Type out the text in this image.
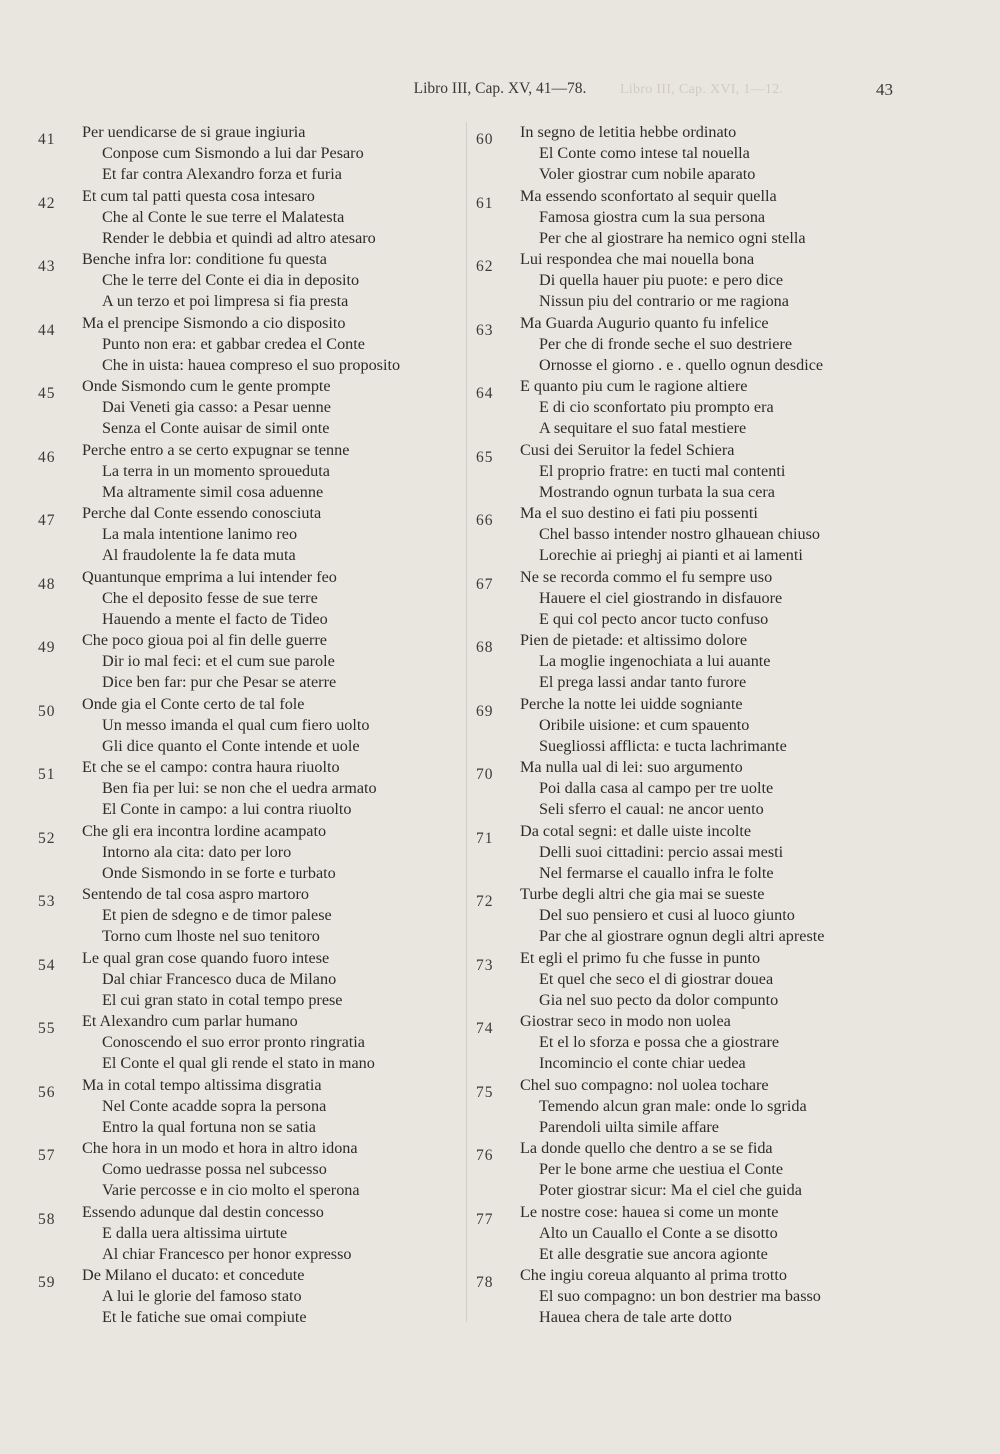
Libro III, Cap. XVI, 1—12.
Libro III, Cap. XV, 41—78.	43
41 Per uendicarse de si graue ingiuria
Conpose cum Sismondo a lui dar Pesaro
Et far contra Alexandro forza et furia
42 Et cum tal patti questa cosa intesaro
Che al Conte le sue terre el Malatesta
Render le debbia et quindi ad altro atesaro
43 Benche infra lor: conditione fu questa
Che le terre del Conte ei dia in deposito
A un terzo et poi limpresa si fia presta
44 Ma el prencipe Sismondo a cio disposito
Punto non era: et gabbar credea el Conte
Che in uista: hauea compreso el suo proposito
45 Onde Sismondo cum le gente prompte
Dai Veneti gia casso: a Pesar uenne
Senza el Conte auisar de simil onte
46 Perche entro a se certo expugnar se tenne
La terra in un momento sproueduta
Ma altramente simil cosa aduenne
47 Perche dal Conte essendo conosciuta
La mala intentione lanimo reo
Al fraudolente la fe data muta
48 Quantunque emprima a lui intender feo
Che el deposito fesse de sue terre
Hauendo a mente el facto de Tideo
49 Che poco gioua poi al fin delle guerre
Dir io mal feci: et el cum sue parole
Dice ben far: pur che Pesar se aterre
50 Onde gia el Conte certo de tal fole
Un messo imanda el qual cum fiero uolto
Gli dice quanto el Conte intende et uole
51 Et che se el campo: contra haura riuolto
Ben fia per lui: se non che el uedra armato
El Conte in campo: a lui contra riuolto
52 Che gli era incontra lordine acampato
Intorno ala cita: dato per loro
Onde Sismondo in se forte e turbato
53 Sentendo de tal cosa aspro martoro
Et pien de sdegno e de timor palese
Torno cum lhoste nel suo tenitoro
54 Le qual gran cose quando fuoro intese
Dal chiar Francesco duca de Milano
El cui gran stato in cotal tempo prese
55 Et Alexandro cum parlar humano
Conoscendo el suo error pronto ringratia
El Conte el qual gli rende el stato in mano
56 Ma in cotal tempo altissima disgratia
Nel Conte acadde sopra la persona
Entro la qual fortuna non se satia
57 Che hora in un modo et hora in altro idona
Como uedrasse possa nel subcesso
Varie percosse e in cio molto el sperona
58 Essendo adunque dal destin concesso
E dalla uera altissima uirtute
Al chiar Francesco per honor expresso
59 De Milano el ducato: et concedute
A lui le glorie del famoso stato
Et le fatiche sue omai compiute
60 In segno de letitia hebbe ordinato
El Conte como intese tal nouella
Voler giostrar cum nobile aparato
61 Ma essendo sconfortato al sequir quella
Famosa giostra cum la sua persona
Per che al giostrare ha nemico ogni stella
62 Lui respondea che mai nouella bona
Di quella hauer piu puote: e pero dice
Nissun piu del contrario or me ragiona
63 Ma Guarda Augurio quanto fu infelice
Per che di fronde seche el suo destriere
Ornosse el giorno . e . quello ognun desdice
64 E quanto piu cum le ragione altiere
E di cio sconfortato piu prompto era
A sequitare el suo fatal mestiere
65 Cusi dei Seruitor la fedel Schiera
El proprio fratre: en tucti mal contenti
Mostrando ognun turbata la sua cera
66 Ma el suo destino ei fati piu possenti
Chel basso intender nostro glhauean chiuso
Lorechie ai prieghj ai pianti et ai lamenti
67 Ne se recorda commo el fu sempre uso
Hauere el ciel giostrando in disfauore
E qui col pecto ancor tucto confuso
68 Pien de pietade: et altissimo dolore
La moglie ingenochiata a lui auante
El prega lassi andar tanto furore
69 Perche la notte lei uidde sogniante
Oribile uisione: et cum spauento
Suegliossi afflicta: e tucta lachrimante
70 Ma nulla ual di lei: suo argumento
Poi dalla casa al campo per tre uolte
Seli sferro el caual: ne ancor uento
71 Da cotal segni: et dalle uiste incolte
Delli suoi cittadini: percio assai mesti
Nel fermarse el cauallo infra le folte
72 Turbe degli altri che gia mai se sueste
Del suo pensiero et cusi al luoco giunto
Par che al giostrare ognun degli altri apreste
73 Et egli el primo fu che fusse in punto
Et quel che seco el di giostrar douea
Gia nel suo pecto da dolor compunto
74 Giostrar seco in modo non uolea
Et el lo sforza e possa che a giostrare
Incomincio el conte chiar uedea
75 Chel suo compagno: nol uolea tochare
Temendo alcun gran male: onde lo sgrida
Parendoli uilta simile affare
76 La donde quello che dentro a se se fida
Per le bone arme che uestiua el Conte
Poter giostrar sicur: Ma el ciel che guida
77 Le nostre cose: hauea si come un monte
Alto un Cauallo el Conte a se disotto
Et alle desgratie sue ancora agionte
78 Che ingiu coreua alquanto al prima trotto
El suo compagno: un bon destrier ma basso
Hauea chera de tale arte dotto
